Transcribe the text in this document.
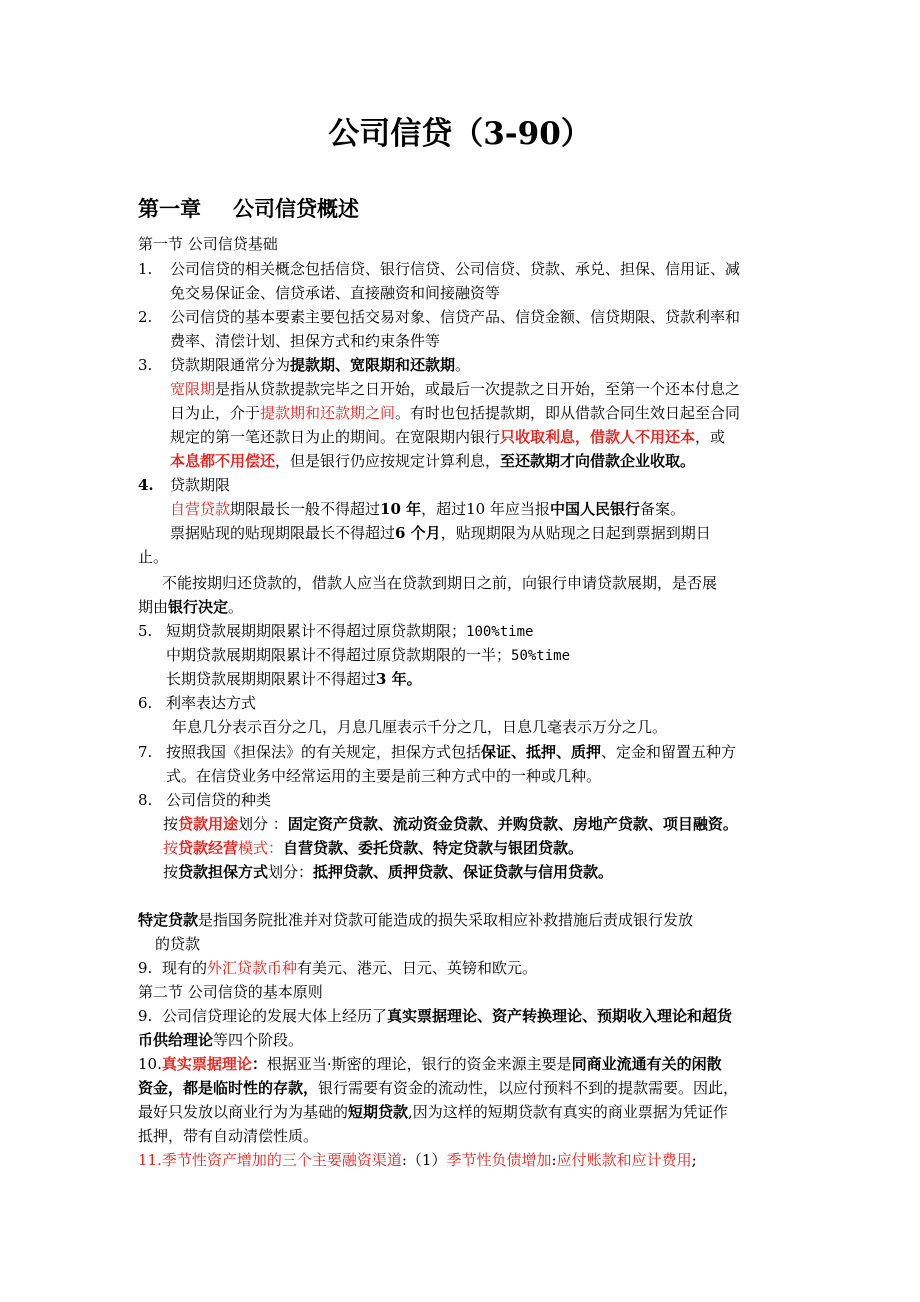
公司信贷（3-90）
第一章 公司信贷概述
第一节 公司信贷基础
1. 公司信贷的相关概念包括信贷、银行信贷、公司信贷、贷款、承兑、担保、信用证、减
免交易保证金、信贷承诺、直接融资和间接融资等
2. 公司信贷的基本要素主要包括交易对象、信贷产品、信贷金额、信贷期限、贷款利率和
费率、清偿计划、担保方式和约束条件等
3. 贷款期限通常分为提款期、宽限期和还款期。
宽限期是指从贷款提款完毕之日开始，或最后一次提款之日开始，至第一个还本付息之
日为止，介于提款期和还款期之间。有时也包括提款期，即从借款合同生效日起至合同
规定的第一笔还款日为止的期间。在宽限期内银行只收取利息，借款人不用还本，或
本息都不用偿还，但是银行仍应按规定计算利息，至还款期才向借款企业收取。
4. 贷款期限
自营贷款期限最长一般不得超过10 年，超过10 年应当报中国人民银行备案。
票据贴现的贴现期限最长不得超过6 个月，贴现期限为从贴现之日起到票据到期日
止。
不能按期归还贷款的，借款人应当在贷款到期日之前，向银行申请贷款展期，是否展
期由银行决定。
5. 短期贷款展期期限累计不得超过原贷款期限；100%time
中期贷款展期期限累计不得超过原贷款期限的一半；50%time
长期贷款展期期限累计不得超过3 年。
6. 利率表达方式
年息几分表示百分之几，月息几厘表示千分之几，日息几毫表示万分之几。
7. 按照我国《担保法》的有关规定，担保方式包括保证、抵押、质押、定金和留置五种方
式。在信贷业务中经常运用的主要是前三种方式中的一种或几种。
8. 公司信贷的种类
按贷款用途划分 ：固定资产贷款、流动资金贷款、并购贷款、房地产贷款、项目融资。
按贷款经营模式：自营贷款、委托贷款、特定贷款与银团贷款。
按贷款担保方式划分：抵押贷款、质押贷款、保证贷款与信用贷款。
特定贷款是指国务院批准并对贷款可能造成的损失采取相应补救措施后责成银行发放
的贷款
9. 现有的外汇贷款币种有美元、港元、日元、英镑和欧元。
第二节 公司信贷的基本原则
9. 公司信贷理论的发展大体上经历了真实票据理论、资产转换理论、预期收入理论和超货
币供给理论等四个阶段。
10.真实票据理论：根据亚当·斯密的理论，银行的资金来源主要是同商业流通有关的闲散
资金，都是临时性的存款，银行需要有资金的流动性，以应付预料不到的提款需要。因此，
最好只发放以商业行为为基础的短期贷款,因为这样的短期贷款有真实的商业票据为凭证作
抵押，带有自动清偿性质。
11.季节性资产增加的三个主要融资渠道:（1）季节性负债增加:应付账款和应计费用;
